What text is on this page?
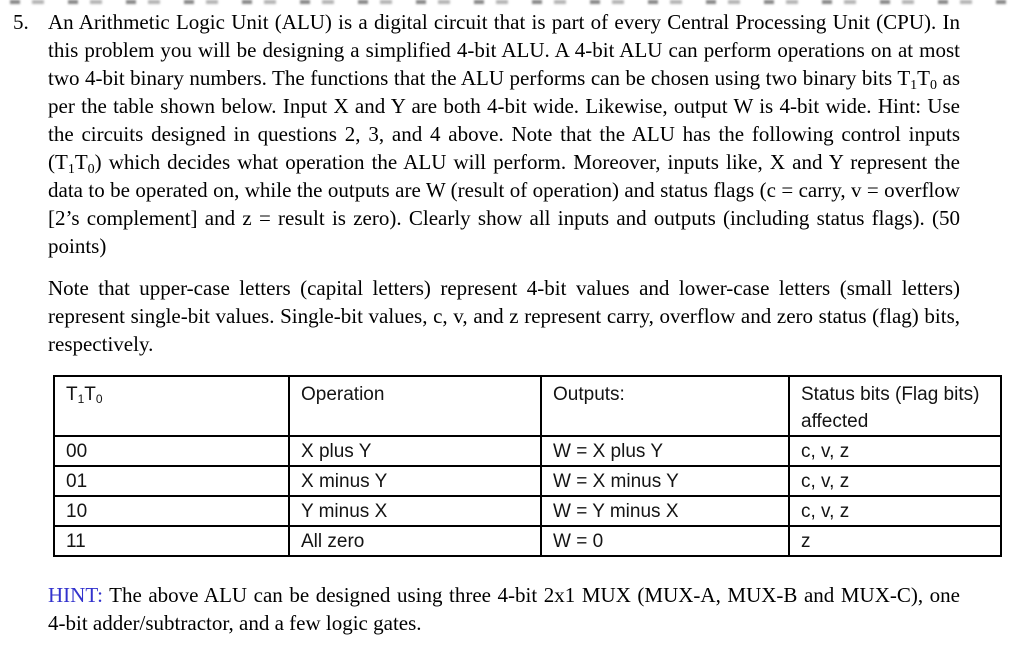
5. An Arithmetic Logic Unit (ALU) is a digital circuit that is part of every Central Processing Unit (CPU). In this problem you will be designing a simplified 4-bit ALU. A 4-bit ALU can perform operations on at most two 4-bit binary numbers. The functions that the ALU performs can be chosen using two binary bits $T_1T_0$ as per the table shown below. Input X and Y are both 4-bit wide. Likewise, output W is 4-bit wide. Hint: Use the circuits designed in questions 2, 3, and 4 above. Note that the ALU has the following control inputs $(T_1T_0)$ which decides what operation the ALU will perform. Moreover, inputs like, X and Y represent the data to be operated on, while the outputs are W (result of operation) and status flags (c = carry, v = overflow [2’s complement] and z = result is zero). Clearly show all inputs and outputs (including status flags). (50 points)

Note that upper-case letters (capital letters) represent 4-bit values and lower-case letters (small letters) represent single-bit values. Single-bit values, c, v, and z represent carry, overflow and zero status (flag) bits, respectively.

$T_1T_0$	Operation	Outputs:	Status bits (Flag bits) affected
00	X plus Y	W = X plus Y	c, v, z
01	X minus Y	W = X minus Y	c, v, z
10	Y minus X	W = Y minus X	c, v, z
11	All zero	W = 0	z

HINT: The above ALU can be designed using three 4-bit 2x1 MUX (MUX-A, MUX-B and MUX-C), one 4-bit adder/subtractor, and a few logic gates.
